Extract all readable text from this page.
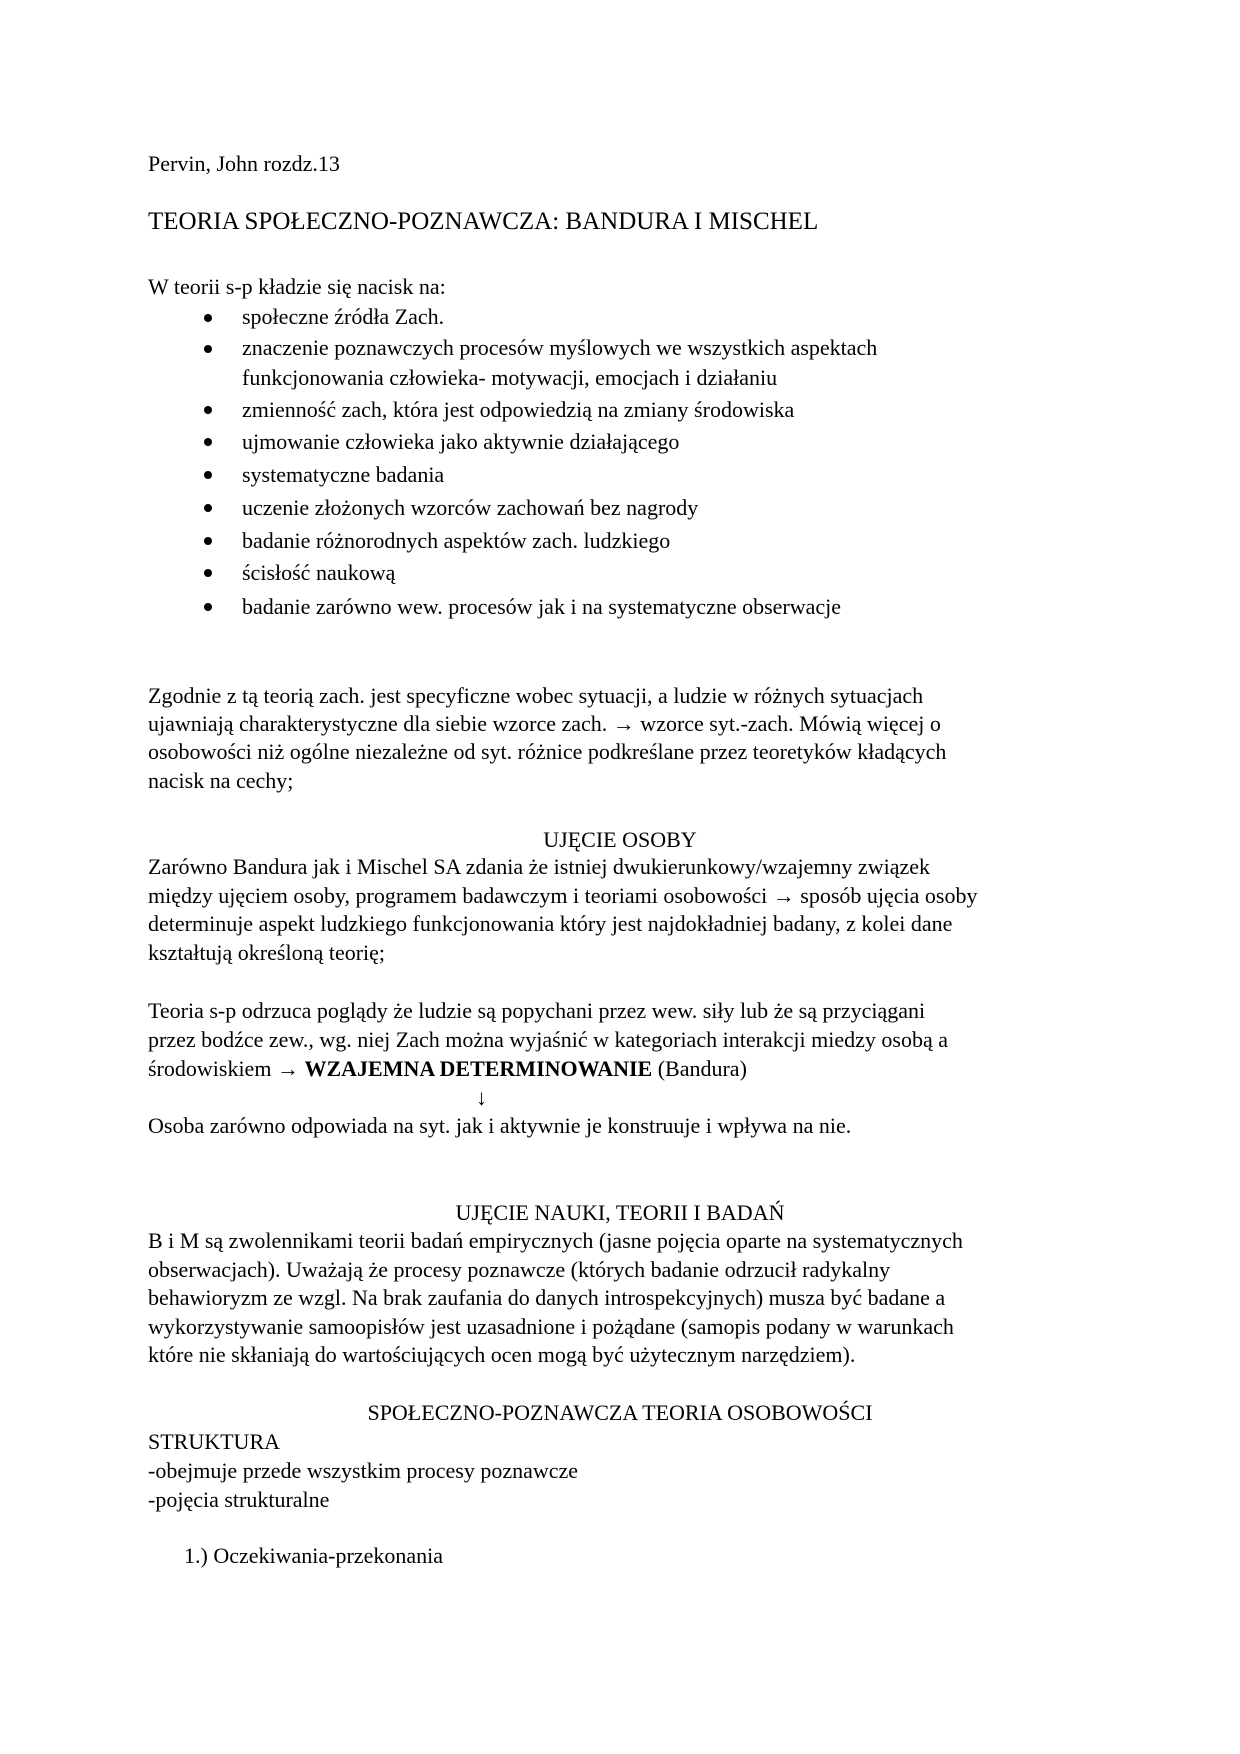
Pervin, John rozdz.13
TEORIA SPOŁECZNO-POZNAWCZA: BANDURA I MISCHEL
W teorii s-p kładzie się nacisk na:
społeczne źródła Zach.
znaczenie poznawczych procesów myślowych we wszystkich aspektach
funkcjonowania człowieka- motywacji, emocjach i działaniu
zmienność zach, która jest odpowiedzią na zmiany środowiska
ujmowanie człowieka jako aktywnie działającego
systematyczne badania
uczenie złożonych wzorców zachowań bez nagrody
badanie różnorodnych aspektów zach. ludzkiego
ścisłość naukową
badanie zarówno wew. procesów jak i na systematyczne obserwacje
Zgodnie z tą teorią zach. jest specyficzne wobec sytuacji, a ludzie w różnych sytuacjach
ujawniają charakterystyczne dla siebie wzorce zach. → wzorce syt.-zach. Mówią więcej o
osobowości niż ogólne niezależne od syt. różnice podkreślane przez teoretyków kładących
nacisk na cechy;
UJĘCIE OSOBY
Zarówno Bandura jak i Mischel SA zdania że istniej dwukierunkowy/wzajemny związek
między ujęciem osoby, programem badawczym i teoriami osobowości → sposób ujęcia osoby
determinuje aspekt ludzkiego funkcjonowania który jest najdokładniej badany, z kolei dane
kształtują określoną teorię;
Teoria s-p odrzuca poglądy że ludzie są popychani przez wew. siły lub że są przyciągani
przez bodźce zew., wg. niej Zach można wyjaśnić w kategoriach interakcji miedzy osobą a
środowiskiem → WZAJEMNA DETERMINOWANIE (Bandura)
↓
Osoba zarówno odpowiada na syt. jak i aktywnie je konstruuje i wpływa na nie.
UJĘCIE NAUKI, TEORII I BADAŃ
B i M są zwolennikami teorii badań empirycznych (jasne pojęcia oparte na systematycznych
obserwacjach). Uważają że procesy poznawcze (których badanie odrzucił radykalny
behawioryzm ze wzgl. Na brak zaufania do danych introspekcyjnych) musza być badane a
wykorzystywanie samoopisłów jest uzasadnione i pożądane (samopis podany w warunkach
które nie skłaniają do wartościujących ocen mogą być użytecznym narzędziem).
SPOŁECZNO-POZNAWCZA TEORIA OSOBOWOŚCI
STRUKTURA
-obejmuje przede wszystkim procesy poznawcze
-pojęcia strukturalne
1.) Oczekiwania-przekonania
